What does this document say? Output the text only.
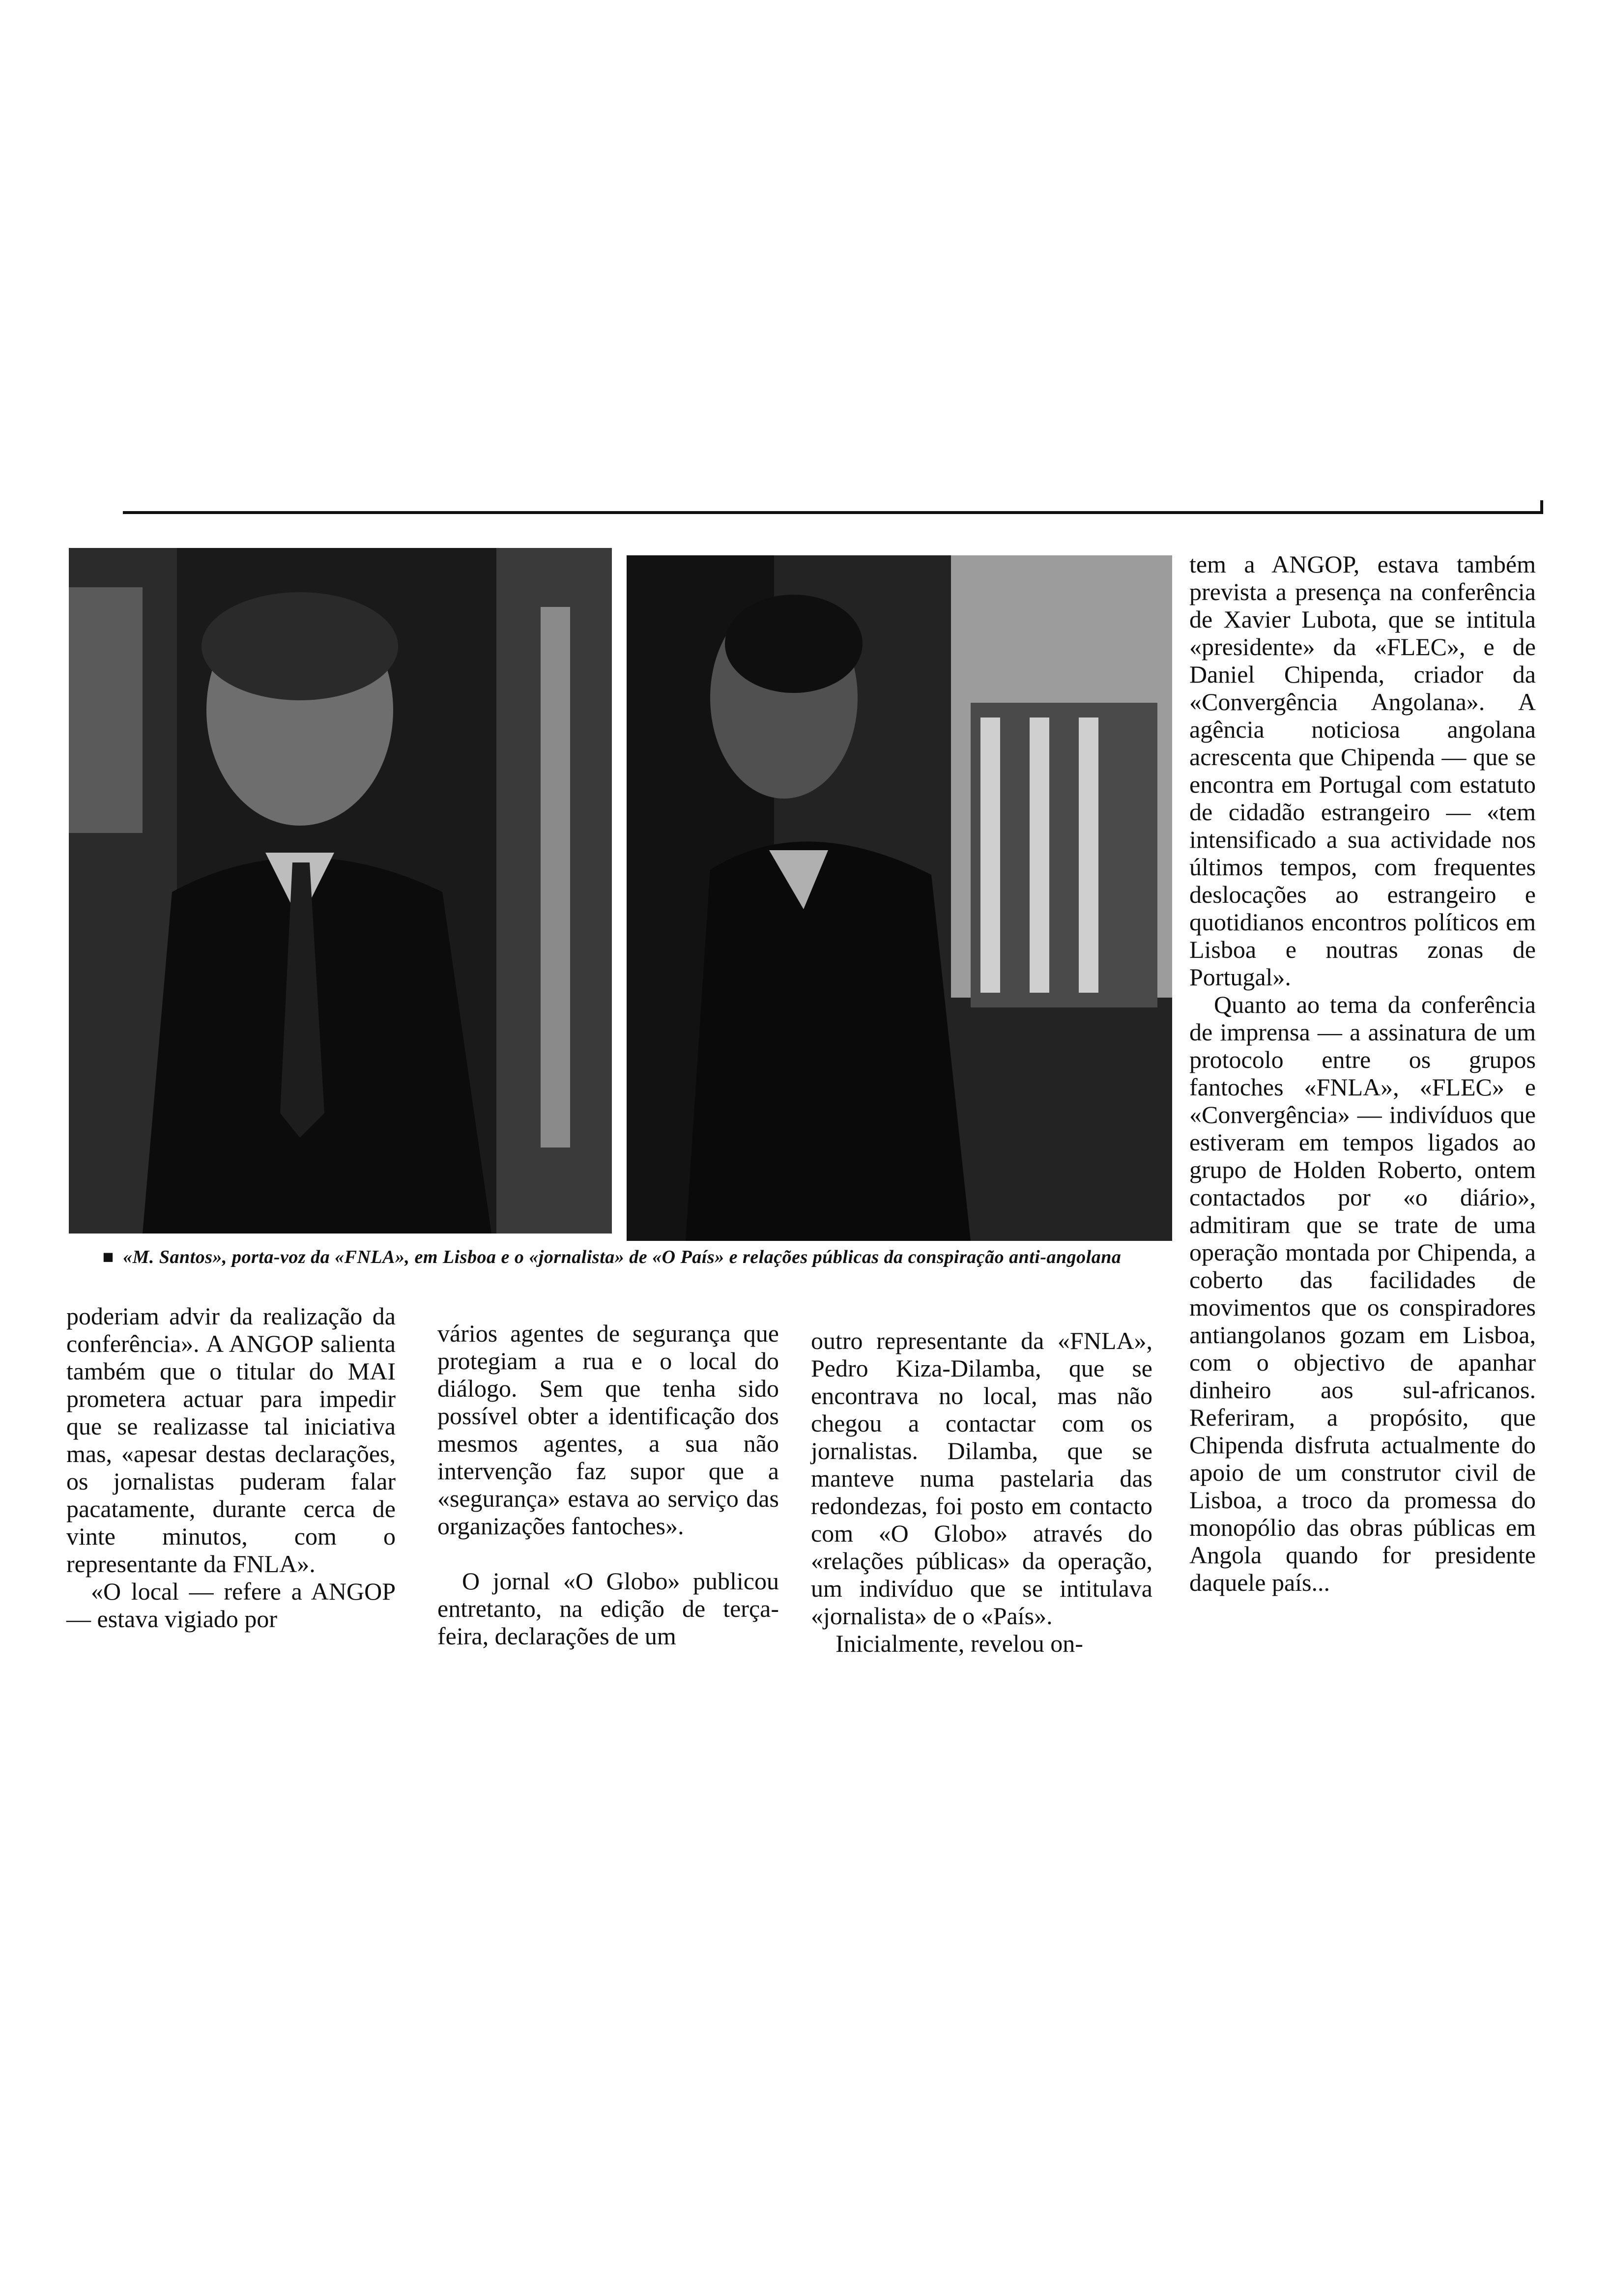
■ «M. Santos», porta-voz da «FNLA», em Lisboa e o «jornalista» de «O País» e relações públicas da conspiração anti-angolana

poderiam advir da realização da conferência». A ANGOP salienta também que o titular do MAI prometera actuar para impedir que se realizasse tal iniciativa mas, «apesar destas declarações, os jornalistas puderam falar pacatamente, durante cerca de vinte minutos, com o representante da FNLA».

«O local — refere a ANGOP — estava vigiado por

vários agentes de segurança que protegiam a rua e o local do diálogo. Sem que tenha sido possível obter a identificação dos mesmos agentes, a sua não intervenção faz supor que a «segurança» estava ao serviço das organizações fantoches».

O jornal «O Globo» publicou entretanto, na edição de terça-feira, declarações de um

outro representante da «FNLA», Pedro Kiza-Dilamba, que se encontrava no local, mas não chegou a contactar com os jornalistas. Dilamba, que se manteve numa pastelaria das redondezas, foi posto em contacto com «O Globo» através do «relações públicas» da operação, um indivíduo que se intitulava «jornalista» de o «País».

Inicialmente, revelou on-

tem a ANGOP, estava também prevista a presença na conferência de Xavier Lubota, que se intitula «presidente» da «FLEC», e de Daniel Chipenda, criador da «Convergência Angolana». A agência noticiosa angolana acrescenta que Chipenda — que se encontra em Portugal com estatuto de cidadão estrangeiro — «tem intensificado a sua actividade nos últimos tempos, com frequentes deslocações ao estrangeiro e quotidianos encontros políticos em Lisboa e noutras zonas de Portugal».

Quanto ao tema da conferência de imprensa — a assinatura de um protocolo entre os grupos fantoches «FNLA», «FLEC» e «Convergência» — indivíduos que estiveram em tempos ligados ao grupo de Holden Roberto, ontem contactados por «o diário», admitiram que se trate de uma operação montada por Chipenda, a coberto das facilidades de movimentos que os conspiradores antiangolanos gozam em Lisboa, com o objectivo de apanhar dinheiro aos sul-africanos. Referiram, a propósito, que Chipenda disfruta actualmente do apoio de um construtor civil de Lisboa, a troco da promessa do monopólio das obras públicas em Angola quando for presidente daquele país...
